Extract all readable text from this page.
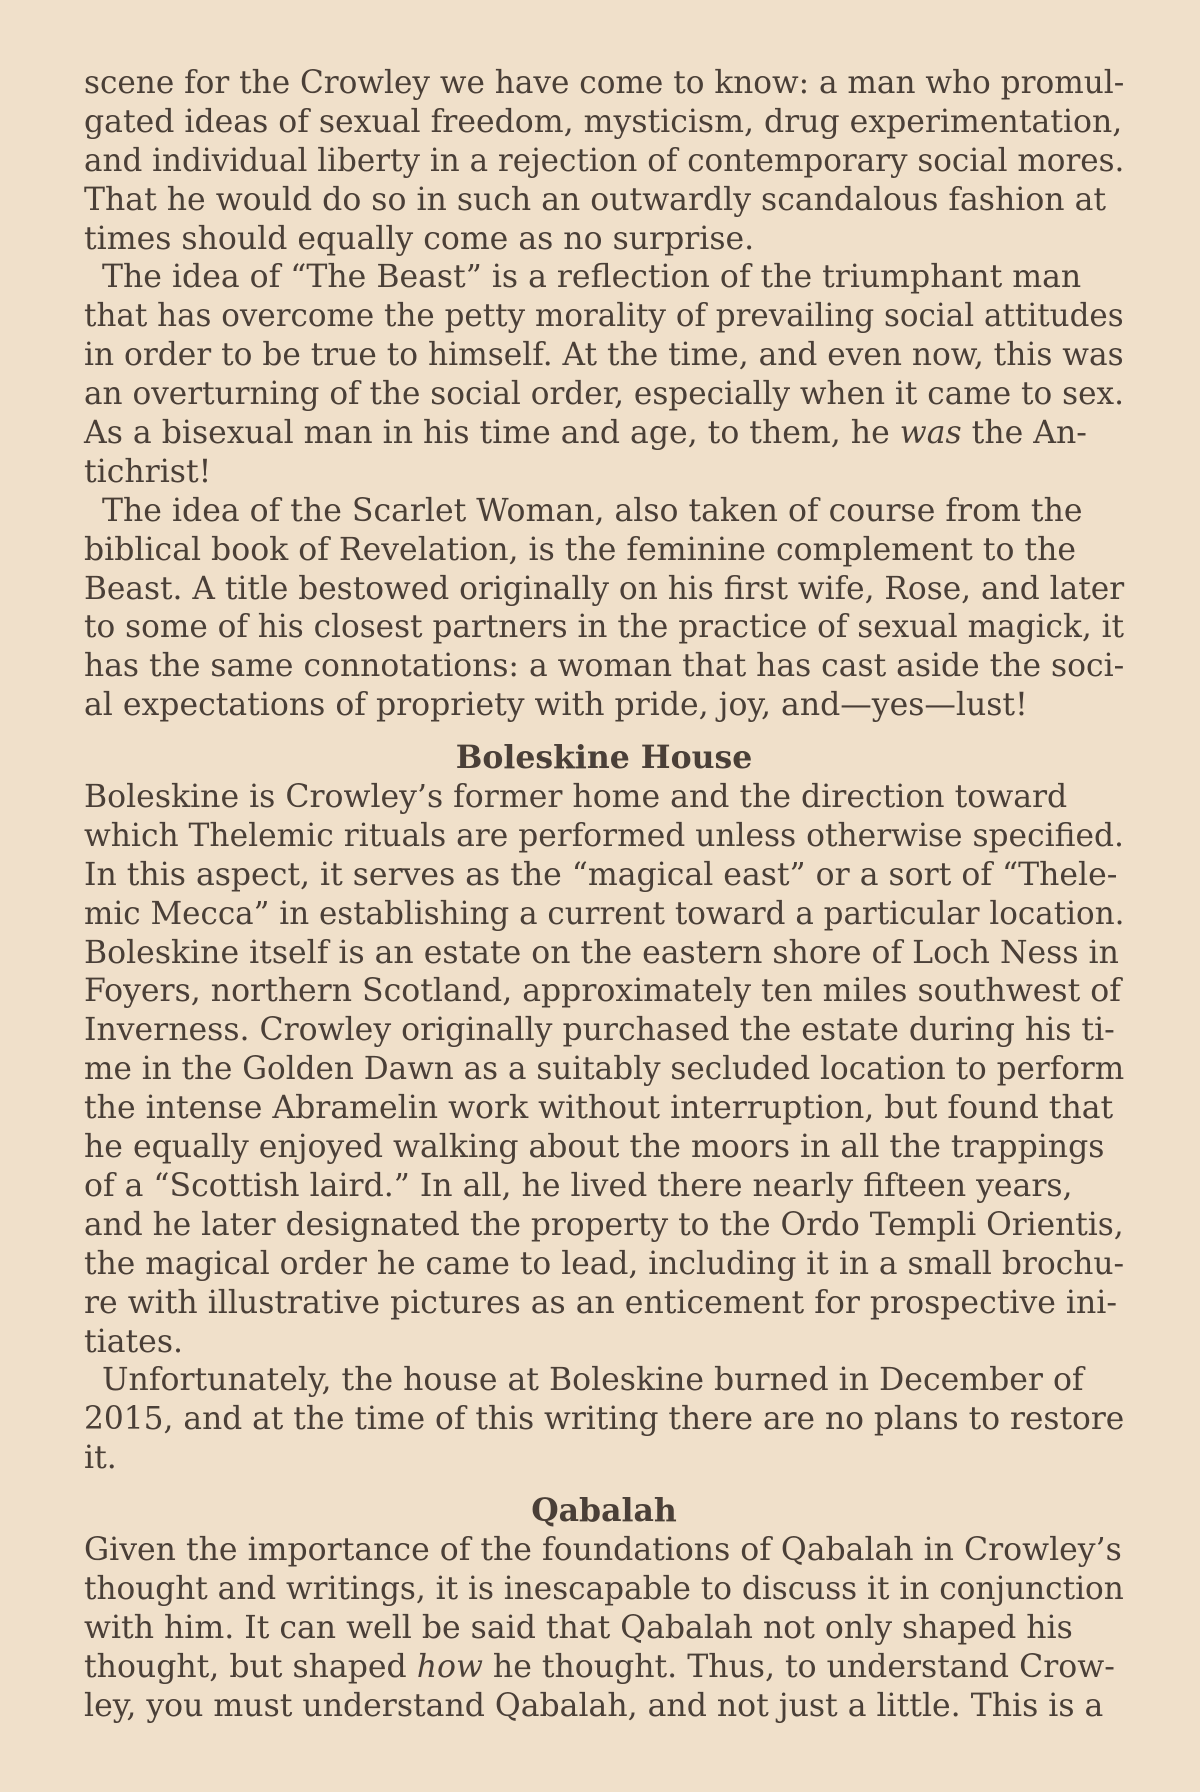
scene for the Crowley we have come to know: a man who promul-
gated ideas of sexual freedom, mysticism, drug experimentation,
and individual liberty in a rejection of contemporary social mores.
That he would do so in such an outwardly scandalous fashion at
times should equally come as no surprise.
The idea of “The Beast” is a reflection of the triumphant man
that has overcome the petty morality of prevailing social attitudes
in order to be true to himself. At the time, and even now, this was
an overturning of the social order, especially when it came to sex.
As a bisexual man in his time and age, to them, he was the An-
tichrist!
The idea of the Scarlet Woman, also taken of course from the
biblical book of Revelation, is the feminine complement to the
Beast. A title bestowed originally on his first wife, Rose, and later
to some of his closest partners in the practice of sexual magick, it
has the same connotations: a woman that has cast aside the soci-
al expectations of propriety with pride, joy, and—yes—lust!
Boleskine House
Boleskine is Crowley’s former home and the direction toward
which Thelemic rituals are performed unless otherwise specified.
In this aspect, it serves as the “magical east” or a sort of “Thele-
mic Mecca” in establishing a current toward a particular location.
Boleskine itself is an estate on the eastern shore of Loch Ness in
Foyers, northern Scotland, approximately ten miles southwest of
Inverness. Crowley originally purchased the estate during his ti-
me in the Golden Dawn as a suitably secluded location to perform
the intense Abramelin work without interruption, but found that
he equally enjoyed walking about the moors in all the trappings
of a “Scottish laird.” In all, he lived there nearly fifteen years,
and he later designated the property to the Ordo Templi Orientis,
the magical order he came to lead, including it in a small brochu-
re with illustrative pictures as an enticement for prospective ini-
tiates.
Unfortunately, the house at Boleskine burned in December of
2015, and at the time of this writing there are no plans to restore
it.
Qabalah
Given the importance of the foundations of Qabalah in Crowley’s
thought and writings, it is inescapable to discuss it in conjunction
with him. It can well be said that Qabalah not only shaped his
thought, but shaped how he thought. Thus, to understand Crow-
ley, you must understand Qabalah, and not just a little. This is a
